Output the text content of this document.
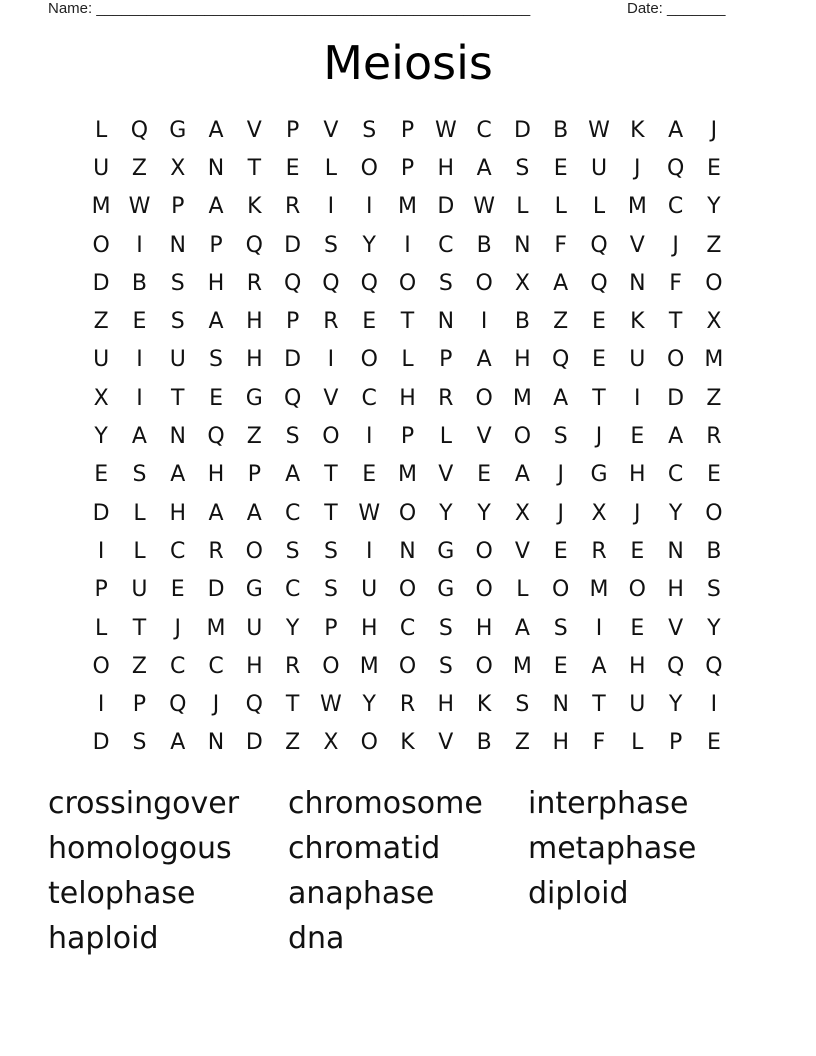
Name: ____________________________________________________	Date: _______
Meiosis
L	Q G	A	V	P	V	S	P W C	D	B W K	A	J
U	Z	X	N	T	E	L	O	P	H	A	S	E	U	J	Q	E
M W P	A	K	R	I	I	M D W L	L	L	M C	Y
O	I	N	P	Q D	S	Y	I	C	B	N	F	Q	V	J	Z
D	B	S	H	R Q Q Q O	S	O	X	A	Q N	F	O
Z	E	S	A	H	P	R	E	T	N	I	B	Z	E	K	T	X
U	I	U	S	H D	I	O	L	P	A	H Q	E	U O M
X	I	T	E	G Q	V	C	H	R O M A	T	I	D	Z
Y	A	N Q	Z	S	O	I	P	L	V	O	S	J	E	A	R
E	S	A	H	P	A	T	E M V	E	A	J	G H	C	E
D	L	H	A	A	C	T W O	Y	Y	X	J	X	J	Y	O
I	L	C	R O	S	S	I	N G O	V	E	R	E	N	B
P	U	E	D G	C	S	U O G O	L	O M O H	S
L	T	J	M U	Y	P	H	C	S	H	A	S	I	E	V	Y
O	Z	C	C	H	R O M O	S	O M E	A	H Q Q
I	P	Q	J	Q	T W Y	R	H	K	S	N	T	U	Y	I
D	S	A	N D	Z	X	O	K	V	B	Z	H	F	L	P	E
crossingover	chromosome	interphase
homologous	chromatid	metaphase
telophase	anaphase	diploid
haploid	dna
